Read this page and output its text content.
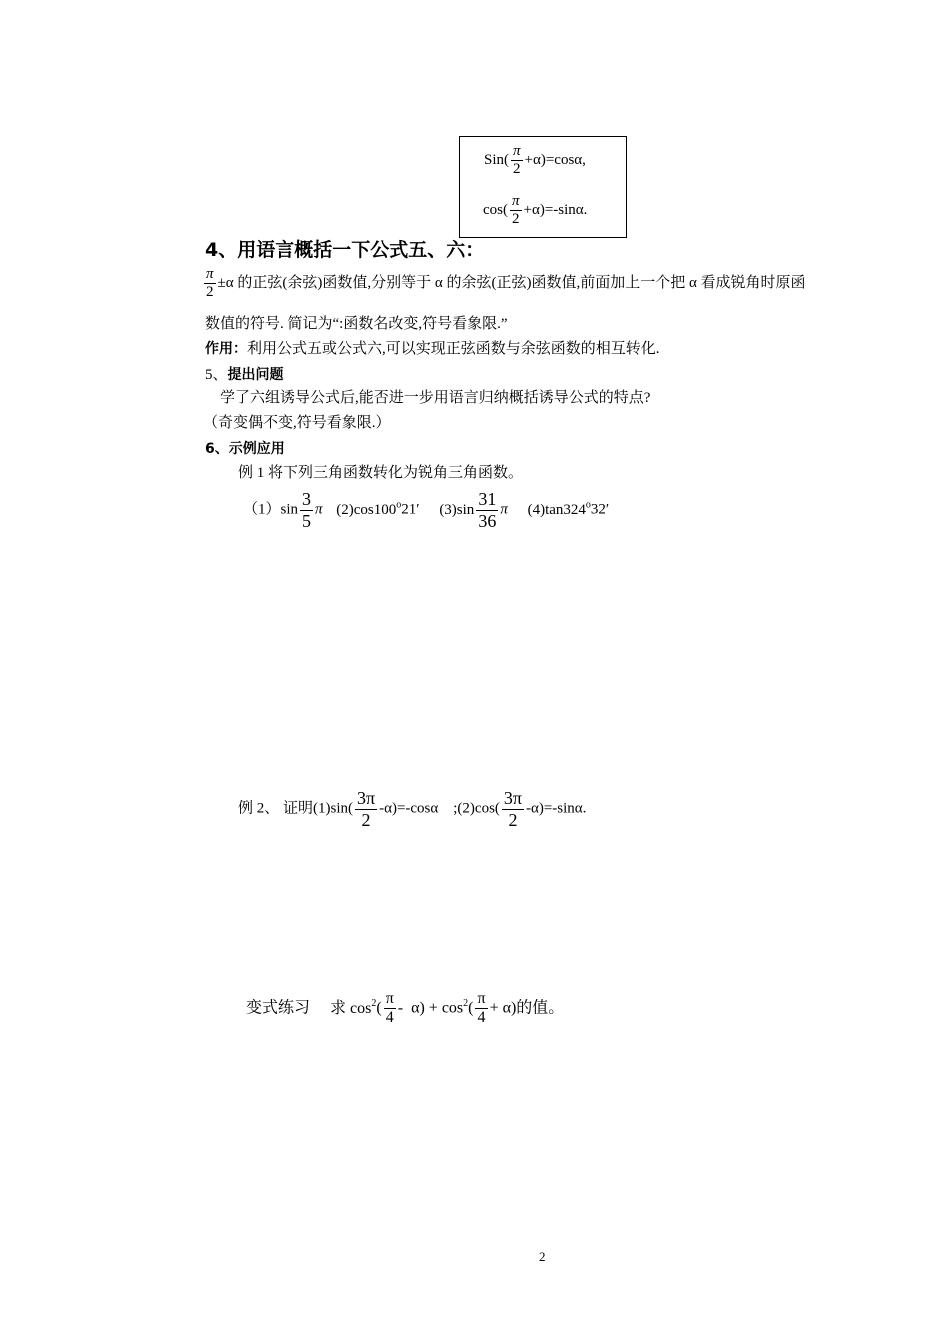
$Sin( \frac{\pi}{2} +\alpha)=\cos\alpha$,
$\cos( \frac{\pi}{2} +\alpha)=-\sin\alpha$.
4、用语言概括一下公式五、六：
$\frac{\pi}{2} \pm\alpha$ 的正弦(余弦)函数值,分别等于 α 的余弦(正弦)函数值,前面加上一个把 α 看成锐角时原函
数值的符号. 简记为“:函数名改变,符号看象限.”
作用：利用公式五或公式六,可以实现正弦函数与余弦函数的相互转化.
5、提出问题
学了六组诱导公式后,能否进一步用语言归纳概括诱导公式的特点?
（奇变偶不变,符号看象限.）
6、示例应用
例 1 将下列三角函数转化为锐角三角函数。
$(1)\sin \frac{3}{5}$ π (2)cos100$^o$21′ $(3)\sin \frac{31}{36}$ π (4)tan324$^o$32′
例 2、 证明$(1)\sin( \frac{3\pi}{2} -\alpha)=-\cos\alpha$    ;(2)cos( $\frac{3\pi}{2} -\alpha)=-\sin\alpha$.
变式练习 求 $\cos^2( \frac{\pi}{4} - \alpha) + \cos^2( \frac{\pi}{4} + \alpha)$的值。
2
